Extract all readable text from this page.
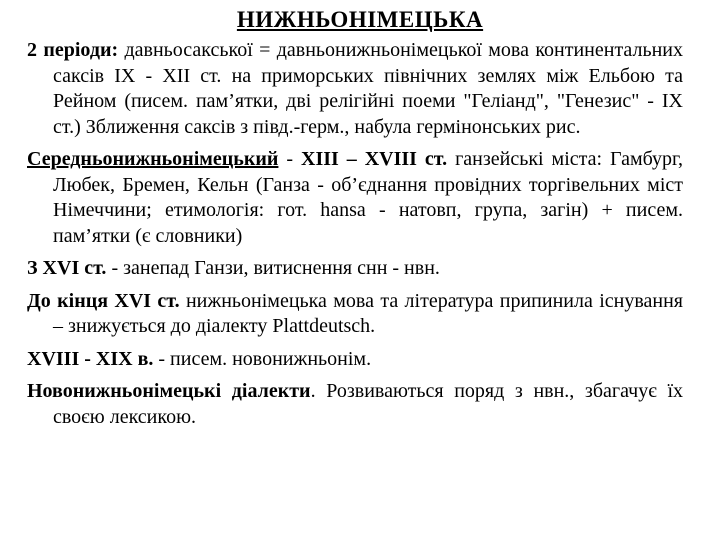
НИЖНЬОНІМЕЦЬКА

2 періоди: давньосакської = давньонижньонімецької мова континентальних саксів IX - XII ст. на приморських північних землях між Ельбою та Рейном (писем. пам’ятки, дві релігійні поеми "Геліанд", "Генезис" - IX ст.) Зближення саксів з півд.-герм., набула гермінонських рис.

Середньонижньонімецький - XIII – XVIII ст. ганзейські міста: Гамбург, Любек, Бремен, Кельн (Ганза - об’єднання провідних торгівельних міст Німеччини; етимологія: гот. hansa - натовп, група, загін) + писем. пам’ятки (є словники)

З XVI ст. - занепад Ганзи, витиснення снн - нвн.

До кінця XVI ст. нижньонімецька мова та література припинила існування – знижується до діалекту Plattdeutsch.

XVIII - XIX в. - писем. новонижньонім.

Новонижньонімецькі діалекти. Розвиваються поряд з нвн., збагачує їх своєю лексикою.
